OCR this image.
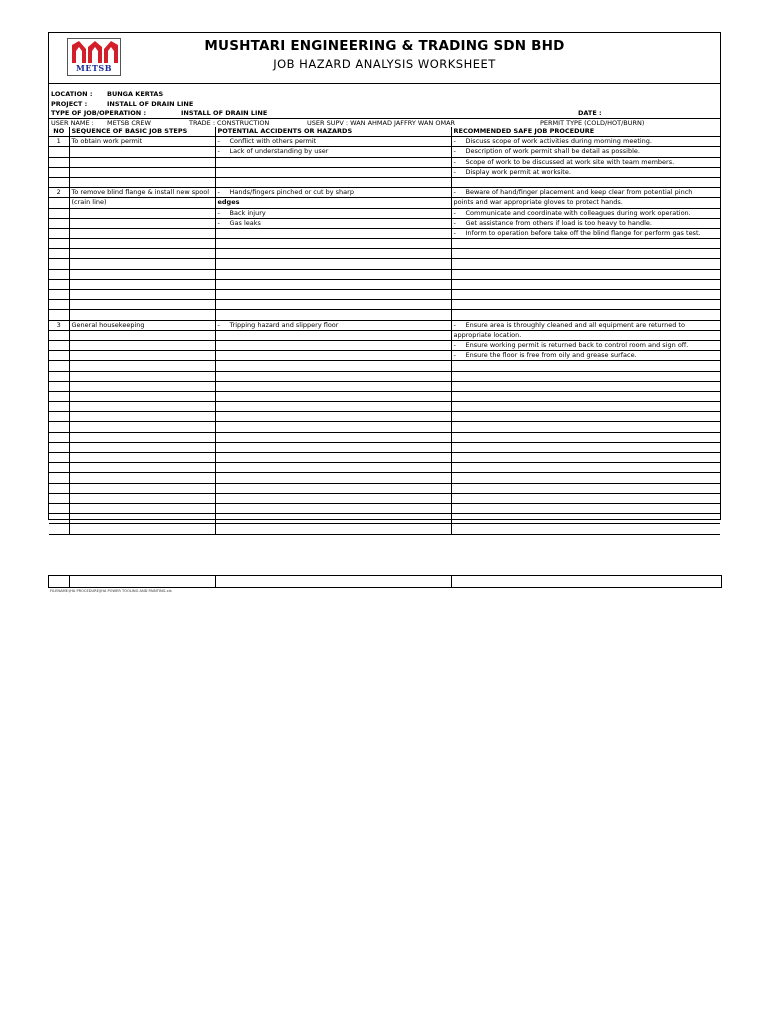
METSB
MUSHTARI ENGINEERING & TRADING SDN BHD
JOB HAZARD ANALYSIS WORKSHEET
LOCATION : BUNGA KERTAS
PROJECT :	INSTALL OF DRAIN LINE
TYPE OF JOB/OPERATION :	INSTALL OF DRAIN LINE	DATE :
USER NAME : METSB CREW	TRADE : CONSTRUCTION	USER SUPV : WAN AHMAD JAFFRY WAN OMAR	PERMIT TYPE (COLD/HOT/BURN)
NO	SEQUENCE OF BASIC JOB STEPS	POTENTIAL ACCIDENTS OR HAZARDS	RECOMMENDED SAFE JOB PROCEDURE
1	To obtain work permit	- Conflict with others permit	- Discuss scope of work activities during morning meeting.
		- Lack of understanding by user	- Description of work permit shall be detail as possible.
			- Scope of work to be discussed at work site with team members.
			- Display work permit at worksite.

2	To remove blind flange & install new spool	- Hands/fingers pinched or cut by sharp	- Beware of hand/finger placement and keep clear from potential pinch
	(crain line)	edges	points and war appropriate gloves to protect hands.
		- Back injury	- Communicate and coordinate with colleagues during work operation.
		- Gas leaks	- Get assistance from others if load is too heavy to handle.
			- Inform to operation before take off the blind flange for perform gas test.

3	General housekeeping	- Tripping hazard and slippery floor	- Ensure area is throughly cleaned and all equipment are returned to
			appropriate location.
			- Ensure working permit is returned back to control room and sign off.
			- Ensure the floor is free from oily and grease surface.

FILENAME:JHA PROCEDURE/JHA POWER TOOLING AND PAINTING.xls
